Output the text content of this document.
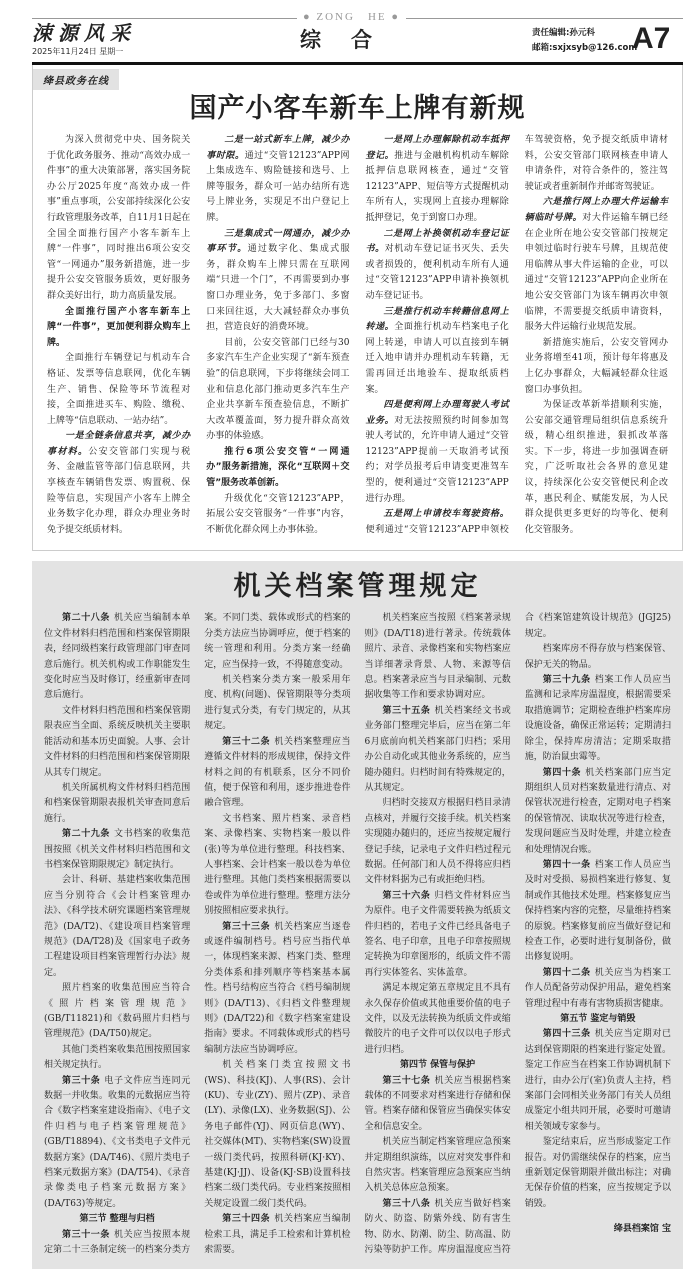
涑源风采
2025年11月24日 星期一
● ZONG　HE ●
综合	责任编辑:孙元科
邮箱:sxjxsyb@126.com
A7
绛县政务在线
国产小客车新车上牌有新规

为深入贯彻党中央、国务院关于优化政务服务、推动“高效办成一件事”的重大决策部署，落实国务院办公厅2025年度“高效办成一件事”重点事项，公安部持续深化公安行政管理服务改革，自11月1日起在全国全面推行国产小客车新车上牌“一件事”，同时推出6项公安交管“一网通办”服务新措施，进一步提升公安交管服务质效，更好服务群众美好出行，助力高质量发展。

全面推行国产小客车新车上牌“一件事”，更加便利群众购车上牌。

全面推行车辆登记与机动车合格证、发票等信息联网，优化车辆生产、销售、保险等环节流程对接，全面推进买车、购险、缴税、上牌等“信息联动、一站办结”。

一是全链条信息共享，减少办事材料。公安交管部门实现与税务、金融监管等部门信息联网，共享核查车辆销售发票、购置税、保险等信息，实现国产小客车上牌全业务数字化办理，群众办理业务时免予提交纸质材料。

二是一站式新车上牌，减少办事时限。通过“交管12123”APP网上集成选车、购险链接和选号、上牌等服务，群众可一站办结所有选号上牌业务，实现足不出户登记上牌。

三是集成式一网通办，减少办事环节。通过数字化、集成式服务，群众购车上牌只需在互联网端“只进一个门”，不再需要到办事窗口办理业务，免于多部门、多窗口来回往返，大大减轻群众办事负担，营造良好的消费环境。

目前，公安交管部门已经与30多家汽车生产企业实现了“新车预查验”的信息联网，下步将继续会同工业和信息化部门推动更多汽车生产企业共享新车预查验信息，不断扩大改革覆盖面，努力提升群众高效办事的体验感。

推行6项公安交管“一网通办”服务新措施，深化“互联网＋交管”服务改革创新。

升级优化“交管12123”APP，拓展公安交管服务“一件事”内容，不断优化群众网上办事体验。

一是网上办理解除机动车抵押登记。推进与金融机构机动车解除抵押信息联网核查，通过“交管12123”APP、短信等方式提醒机动车所有人，实现网上直接办理解除抵押登记，免于到窗口办理。

二是网上补换领机动车登记证书。对机动车登记证书灭失、丢失或者损毁的，便利机动车所有人通过“交管12123”APP申请补换领机动车登记证书。

三是推行机动车转籍信息网上转递。全面推行机动车档案电子化网上转递，申请人可以直接到车辆迁入地申请并办理机动车转籍，无需再回迁出地验车、提取纸质档案。

四是便利网上办理驾驶人考试业务。对无法按照预约时间参加驾驶人考试的，允许申请人通过“交管12123”APP提前一天取消考试预约；对学员报考后申请变更准驾车型的，便利通过“交管12123”APP进行办理。

五是网上申请校车驾驶资格。便利通过“交管12123”APP申领校车驾驶资格，免予提交纸质申请材料，公安交管部门联网核查申请人申请条件，对符合条件的，签注驾驶证或者重新制作并邮寄驾驶证。

六是推行网上办理大件运输车辆临时号牌。对大件运输车辆已经在企业所在地公安交管部门按规定申领过临时行驶车号牌，且规范使用临牌从事大件运输的企业，可以通过“交管12123”APP向企业所在地公安交管部门为该车辆再次申领临牌，不需要提交纸质申请资料，服务大件运输行业规范发展。

新措施实施后，公安交管网办业务将增至41项，预计每年将惠及上亿办事群众，大幅减轻群众往返窗口办事负担。

为保证改革新举措顺利实施，公安部交通管理局组织信息系统升级，精心组织推进，狠抓改革落实。下一步，将进一步加强调查研究，广泛听取社会各界的意见建议，持续深化公安交管便民利企改革，惠民利企、赋能发展，为人民群众提供更多更好的均等化、便利化交管服务。

机关档案管理规定

第二十八条 机关应当编制本单位文件材料归档范围和档案保管期限表，经同级档案行政管理部门审查同意后施行。机关机构或工作职能发生变化时应当及时修订，经重新审查同意后施行。

文件材料归档范围和档案保管期限表应当全面、系统反映机关主要职能活动和基本历史面貌。人事、会计文件材料的归档范围和档案保管期限从其专门规定。

机关所属机构文件材料归档范围和档案保管期限表报机关审查同意后施行。

第二十九条 文书档案的收集范围按照《机关文件材料归档范围和文书档案保管期限规定》制定执行。

会计、科研、基建档案收集范围应当分别符合《会计档案管理办法》、《科学技术研究课题档案管理规范》(DA/T2)、《建设项目档案管理规范》(DA/T28)及《国家电子政务工程建设项目档案管理暂行办法》规定。

照片档案的收集范围应当符合《照片档案管理规范》(GB/T11821)和《数码照片归档与管理规范》(DA/T50)规定。

其他门类档案收集范围按照国家相关规定执行。

第三十条 电子文件应当连同元数据一并收集。收集的元数据应当符合《数字档案室建设指南》、《电子文件归档与电子档案管理规范》(GB/T18894)、《文书类电子文件元数据方案》(DA/T46)、《照片类电子档案元数据方案》(DA/T54)、《录音录像类电子档案元数据方案》(DA/T63)等规定。

第三节 整理与归档

第三十一条 机关应当按照本规定第二十三条制定统一的档案分类方案。不同门类、载体或形式的档案的分类方法应当协调呼应，便于档案的统一管理和利用。分类方案一经确定，应当保持一致，不得随意变动。

机关档案分类方案一般采用年度、机构(问题)、保管期限等分类项进行复式分类，有专门规定的，从其规定。

第三十二条 机关档案整理应当遵循文件材料的形成规律，保持文件材料之间的有机联系，区分不同价值，便于保管和利用，逐步推进卷件融合管理。

文书档案、照片档案、录音档案、录像档案、实物档案一般以件(张)等为单位进行整理。科技档案、人事档案、会计档案一般以卷为单位进行整理。其他门类档案根据需要以卷或件为单位进行整理。整理方法分别按照相应要求执行。

第三十三条 机关档案应当逐卷或逐件编制档号。档号应当指代单一，体现档案来源、档案门类、整理分类体系和排列顺序等档案基本属性。档号结构应当符合《档号编制规则》(DA/T13)、《归档文件整理规则》(DA/T22)和《数字档案室建设指南》要求。不同载体或形式的档号编制方法应当协调呼应。

机关档案门类宜按照文书(WS)、科技(KJ)、人事(RS)、会计(KU)、专业(ZY)、照片(ZP)、录音(LY)、录像(LX)、业务数据(SJ)、公务电子邮件(YJ)、网页信息(WY)、社交媒体(MT)、实物档案(SW)设置一级门类代码，按照科研(KJ·KY)、基建(KJ·JJ)、设备(KJ·SB)设置科技档案二级门类代码。专业档案按照相关规定设置二级门类代码。

第三十四条 机关档案应当编制检索工具，满足手工检索和计算机检索需要。

机关档案应当按照《档案著录规则》(DA/T18)进行著录。传统载体照片、录音、录像档案和实物档案应当详细著录背景、人物、来源等信息。档案著录应当与目录编制、元数据收集等工作和要求协调对应。

第三十五条 机关档案经文书或业务部门整理完毕后，应当在第二年6月底前向机关档案部门归档；采用办公自动化或其他业务系统的，应当随办随归。归档时间有特殊规定的，从其规定。

归档时交接双方根据归档目录清点核对，并履行交接手续。机关档案实现随办随归的，还应当按规定履行登记手续，记录电子文件归档过程元数据。任何部门和人员不得将应归档文件材料据为己有或拒绝归档。

第三十六条 归档文件材料应当为原件。电子文件需要转换为纸质文件归档的，若电子文件已经具备电子签名、电子印章，且电子印章按照规定转换为印章图形的，纸质文件不需再行实体签名、实体盖章。

满足本规定第五章规定且不具有永久保存价值或其他重要价值的电子文件，以及无法转换为纸质文件或缩微胶片的电子文件可以仅以电子形式进行归档。

第四节 保管与保护

第三十七条 机关应当根据档案载体的不同要求对档案进行存储和保管。档案存储和保管应当确保实体安全和信息安全。

机关应当制定档案管理应急预案并定期组织演练，以应对突发事件和自然灾害。档案管理应急预案应当纳入机关总体应急预案。

第三十八条 机关应当做好档案防火、防盗、防紫外线、防有害生物、防水、防潮、防尘、防高温、防污染等防护工作。库房温湿度应当符合《档案馆建筑设计规范》(JGJ25)规定。

档案库房不得存放与档案保管、保护无关的物品。

第三十九条 档案工作人员应当监测和记录库房温湿度，根据需要采取措施调节；定期检查维护档案库房设施设备，确保正常运转；定期清扫除尘，保持库房清洁；定期采取措施，防治鼠虫霉等。

第四十条 机关档案部门应当定期组织人员对档案数量进行清点、对保管状况进行检查，定期对电子档案的保管情况、读取状况等进行检查，发现问题应当及时处理，并建立检查和处理情况台账。

第四十一条 档案工作人员应当及时对受损、易损档案进行修复、复制或作其他技术处理。档案修复应当保持档案内容的完整，尽量维持档案的原貌。档案修复前应当做好登记和检查工作，必要时进行复制备份，做出修复说明。

第四十二条 机关应当为档案工作人员配备劳动保护用品，避免档案管理过程中有毒有害物质损害健康。

第五节 鉴定与销毁

第四十三条 机关应当定期对已达到保管期限的档案进行鉴定处置。鉴定工作应当在档案工作协调机制下进行，由办公厅(室)负责人主持，档案部门会同相关业务部门有关人员组成鉴定小组共同开展，必要时可邀请相关领域专家参与。

鉴定结束后，应当形成鉴定工作报告。对仍需继续保存的档案，应当重新划定保管期限并做出标注；对确无保存价值的档案，应当按规定予以销毁。

绛县档案馆 宝
